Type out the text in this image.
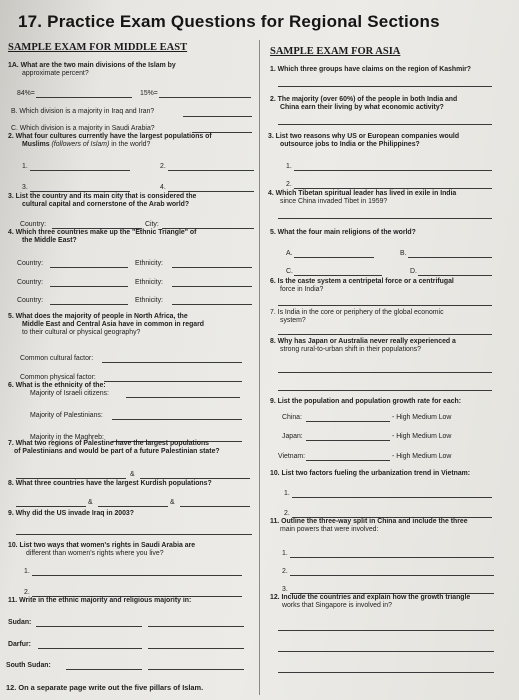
17. Practice Exam Questions for Regional Sections
SAMPLE EXAM FOR MIDDLE EAST
1A. What are the two main divisions of the Islam by
approximate percent?
84%=	15%=
B. Which division is a majority in Iraq and Iran?
C. Which division is a majority in Saudi Arabia?
2. What four cultures currently have the largest populations of
Muslims (followers of Islam) in the world?
1.	2.
3.	4.
3. List the country and its main city that is considered the
cultural capital and cornerstone of the Arab world?
Country:	City:
4. Which three countries make up the "Ethnic Triangle" of
the Middle East?
Country:	Ethnicity:
Country:	Ethnicity:
Country:	Ethnicity:
5. What does the majority of people in North Africa, the
Middle East and Central Asia have in common in regard
to their cultural or physical geography?
Common cultural factor:
Common physical factor:
6. What is the ethnicity of the:
Majority of Israeli citizens:
Majority of Palestinians:
Majority in the Maghreb:
7. What two regions of Palestine have the largest populations
of Palestinians and would be part of a future Palestinian state?
&
8. What three countries have the largest Kurdish populations?
&	&
9. Why did the US invade Iraq in 2003?
10. List two ways that women's rights in Saudi Arabia are
different than women's rights where you live?
1.
2.
11. Write in the ethnic majority and religious majority in:
Sudan:
Darfur:
South Sudan:
12. On a separate page write out the five pillars of Islam.
SAMPLE EXAM FOR ASIA
1. Which three groups have claims on the region of Kashmir?
2. The majority (over 60%) of the people in both India and
China earn their living by what economic activity?
3. List two reasons why US or European companies would
outsource jobs to India or the Philippines?
1.
2.
4. Which Tibetan spiritual leader has lived in exile in India
since China invaded Tibet in 1959?
5. What the four main religions of the world?
A.	B.
C.	D.
6. Is the caste system a centripetal force or a centrifugal
force in India?
7. Is India in the core or periphery of the global economic
system?
8. Why has Japan or Australia never really experienced a
strong rural-to-urban shift in their populations?
9. List the population and population growth rate for each:
China:	- High Medium Low
Japan:	- High Medium Low
Vietnam:	- High Medium Low
10. List two factors fueling the urbanization trend in Vietnam:
1.
2.
11. Outline the three-way split in China and include the three
main powers that were involved:
1.
2.
3.
12. Include the countries and explain how the growth triangle
works that Singapore is involved in?
